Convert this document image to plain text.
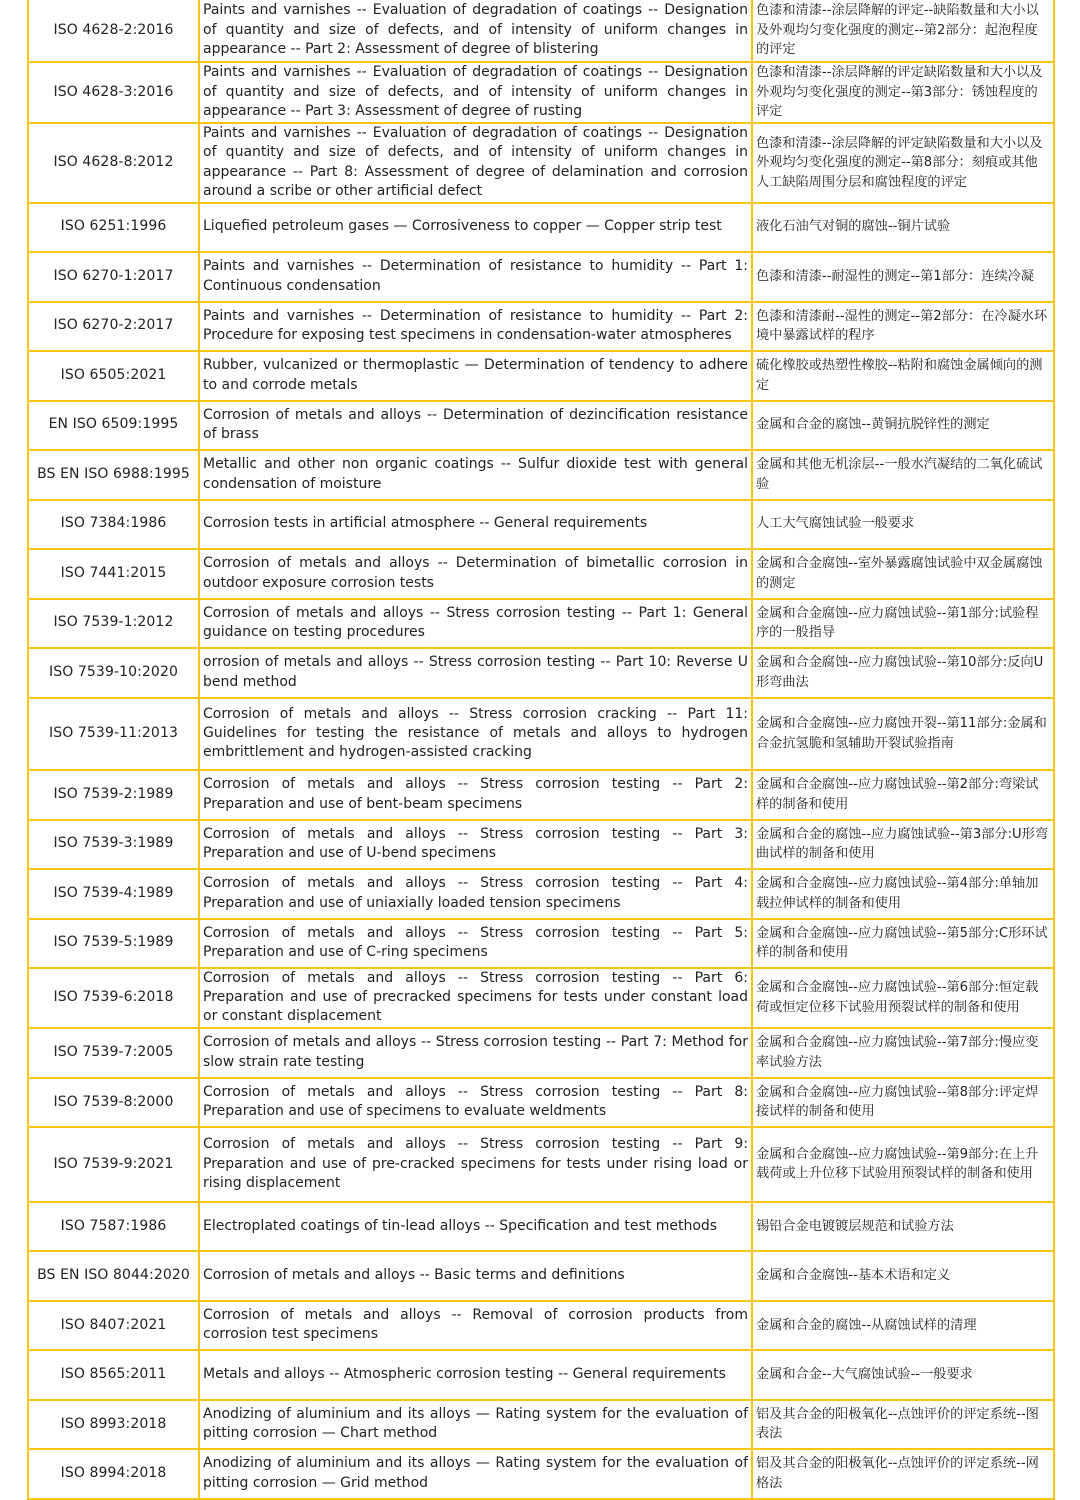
ISO 4628-2:2016	Paints and varnishes -- Evaluation of degradation of coatings -- Designation of quantity and size of defects, and of intensity of uniform changes in appearance -- Part 2: Assessment of degree of blistering	色漆和清漆--涂层降解的评定--缺陷数量和大小以及外观均匀变化强度的测定--第2部分：起泡程度的评定
ISO 4628-3:2016	Paints and varnishes -- Evaluation of degradation of coatings -- Designation of quantity and size of defects, and of intensity of uniform changes in appearance -- Part 3: Assessment of degree of rusting	色漆和清漆--涂层降解的评定缺陷数量和大小以及外观均匀变化强度的测定--第3部分：锈蚀程度的评定
ISO 4628-8:2012	Paints and varnishes -- Evaluation of degradation of coatings -- Designation of quantity and size of defects, and of intensity of uniform changes in appearance -- Part 8: Assessment of degree of delamination and corrosion around a scribe or other artificial defect	色漆和清漆--涂层降解的评定缺陷数量和大小以及外观均匀变化强度的测定--第8部分：刻痕或其他人工缺陷周围分层和腐蚀程度的评定
ISO 6251:1996	Liquefied petroleum gases — Corrosiveness to copper — Copper strip test	液化石油气对铜的腐蚀--铜片试验
ISO 6270-1:2017	Paints and varnishes -- Determination of resistance to humidity -- Part 1: Continuous condensation	色漆和清漆--耐湿性的测定--第1部分：连续冷凝
ISO 6270-2:2017	Paints and varnishes -- Determination of resistance to humidity -- Part 2: Procedure for exposing test specimens in condensation-water atmospheres	色漆和清漆耐--湿性的测定--第2部分：在冷凝水环境中暴露试样的程序
ISO 6505:2021	Rubber, vulcanized or thermoplastic — Determination of tendency to adhere to and corrode metals	硫化橡胶或热塑性橡胶--粘附和腐蚀金属倾向的测定
EN ISO 6509:1995	Corrosion of metals and alloys -- Determination of dezincification resistance of brass	金属和合金的腐蚀--黄铜抗脱锌性的测定
BS EN ISO 6988:1995	Metallic and other non organic coatings -- Sulfur dioxide test with general condensation of moisture	金属和其他无机涂层--一般水汽凝结的二氧化硫试验
ISO 7384:1986	Corrosion tests in artificial atmosphere -- General requirements	人工大气腐蚀试验一般要求
ISO 7441:2015	Corrosion of metals and alloys -- Determination of bimetallic corrosion in outdoor exposure corrosion tests	金属和合金腐蚀--室外暴露腐蚀试验中双金属腐蚀的测定
ISO 7539-1:2012	Corrosion of metals and alloys -- Stress corrosion testing -- Part 1: General guidance on testing procedures	金属和合金腐蚀--应力腐蚀试验--第1部分:试验程序的一般指导
ISO 7539-10:2020	orrosion of metals and alloys -- Stress corrosion testing -- Part 10: Reverse U bend method	金属和合金腐蚀--应力腐蚀试验--第10部分:反向U形弯曲法
ISO 7539-11:2013	Corrosion of metals and alloys -- Stress corrosion cracking -- Part 11: Guidelines for testing the resistance of metals and alloys to hydrogen embrittlement and hydrogen-assisted cracking	金属和合金腐蚀--应力腐蚀开裂--第11部分:金属和合金抗氢脆和氢辅助开裂试验指南
ISO 7539-2:1989	Corrosion of metals and alloys -- Stress corrosion testing -- Part 2: Preparation and use of bent-beam specimens	金属和合金腐蚀--应力腐蚀试验--第2部分:弯梁试样的制备和使用
ISO 7539-3:1989	Corrosion of metals and alloys -- Stress corrosion testing -- Part 3: Preparation and use of U-bend specimens	金属和合金的腐蚀--应力腐蚀试验--第3部分:U形弯曲试样的制备和使用
ISO 7539-4:1989	Corrosion of metals and alloys -- Stress corrosion testing -- Part 4: Preparation and use of uniaxially loaded tension specimens	金属和合金腐蚀--应力腐蚀试验--第4部分:单轴加载拉伸试样的制备和使用
ISO 7539-5:1989	Corrosion of metals and alloys -- Stress corrosion testing -- Part 5: Preparation and use of C-ring specimens	金属和合金腐蚀--应力腐蚀试验--第5部分:C形环试样的制备和使用
ISO 7539-6:2018	Corrosion of metals and alloys -- Stress corrosion testing -- Part 6: Preparation and use of precracked specimens for tests under constant load or constant displacement	金属和合金腐蚀--应力腐蚀试验--第6部分:恒定载荷或恒定位移下试验用预裂试样的制备和使用
ISO 7539-7:2005	Corrosion of metals and alloys -- Stress corrosion testing -- Part 7: Method for slow strain rate testing	金属和合金腐蚀--应力腐蚀试验--第7部分:慢应变率试验方法
ISO 7539-8:2000	Corrosion of metals and alloys -- Stress corrosion testing -- Part 8: Preparation and use of specimens to evaluate weldments	金属和合金腐蚀--应力腐蚀试验--第8部分:评定焊接试样的制备和使用
ISO 7539-9:2021	Corrosion of metals and alloys -- Stress corrosion testing -- Part 9: Preparation and use of pre-cracked specimens for tests under rising load or rising displacement	金属和合金腐蚀--应力腐蚀试验--第9部分:在上升载荷或上升位移下试验用预裂试样的制备和使用
ISO 7587:1986	Electroplated coatings of tin-lead alloys -- Specification and test methods	锡铅合金电镀镀层规范和试验方法
BS EN ISO 8044:2020	Corrosion of metals and alloys -- Basic terms and definitions	金属和合金腐蚀--基本术语和定义
ISO 8407:2021	Corrosion of metals and alloys -- Removal of corrosion products from corrosion test specimens	金属和合金的腐蚀--从腐蚀试样的清理
ISO 8565:2011	Metals and alloys -- Atmospheric corrosion testing -- General requirements	金属和合金--大气腐蚀试验--一般要求
ISO 8993:2018	Anodizing of aluminium and its alloys — Rating system for the evaluation of pitting corrosion — Chart method	铝及其合金的阳极氧化--点蚀评价的评定系统--图表法
ISO 8994:2018	Anodizing of aluminium and its alloys — Rating system for the evaluation of pitting corrosion — Grid method	铝及其合金的阳极氧化--点蚀评价的评定系统--网格法
